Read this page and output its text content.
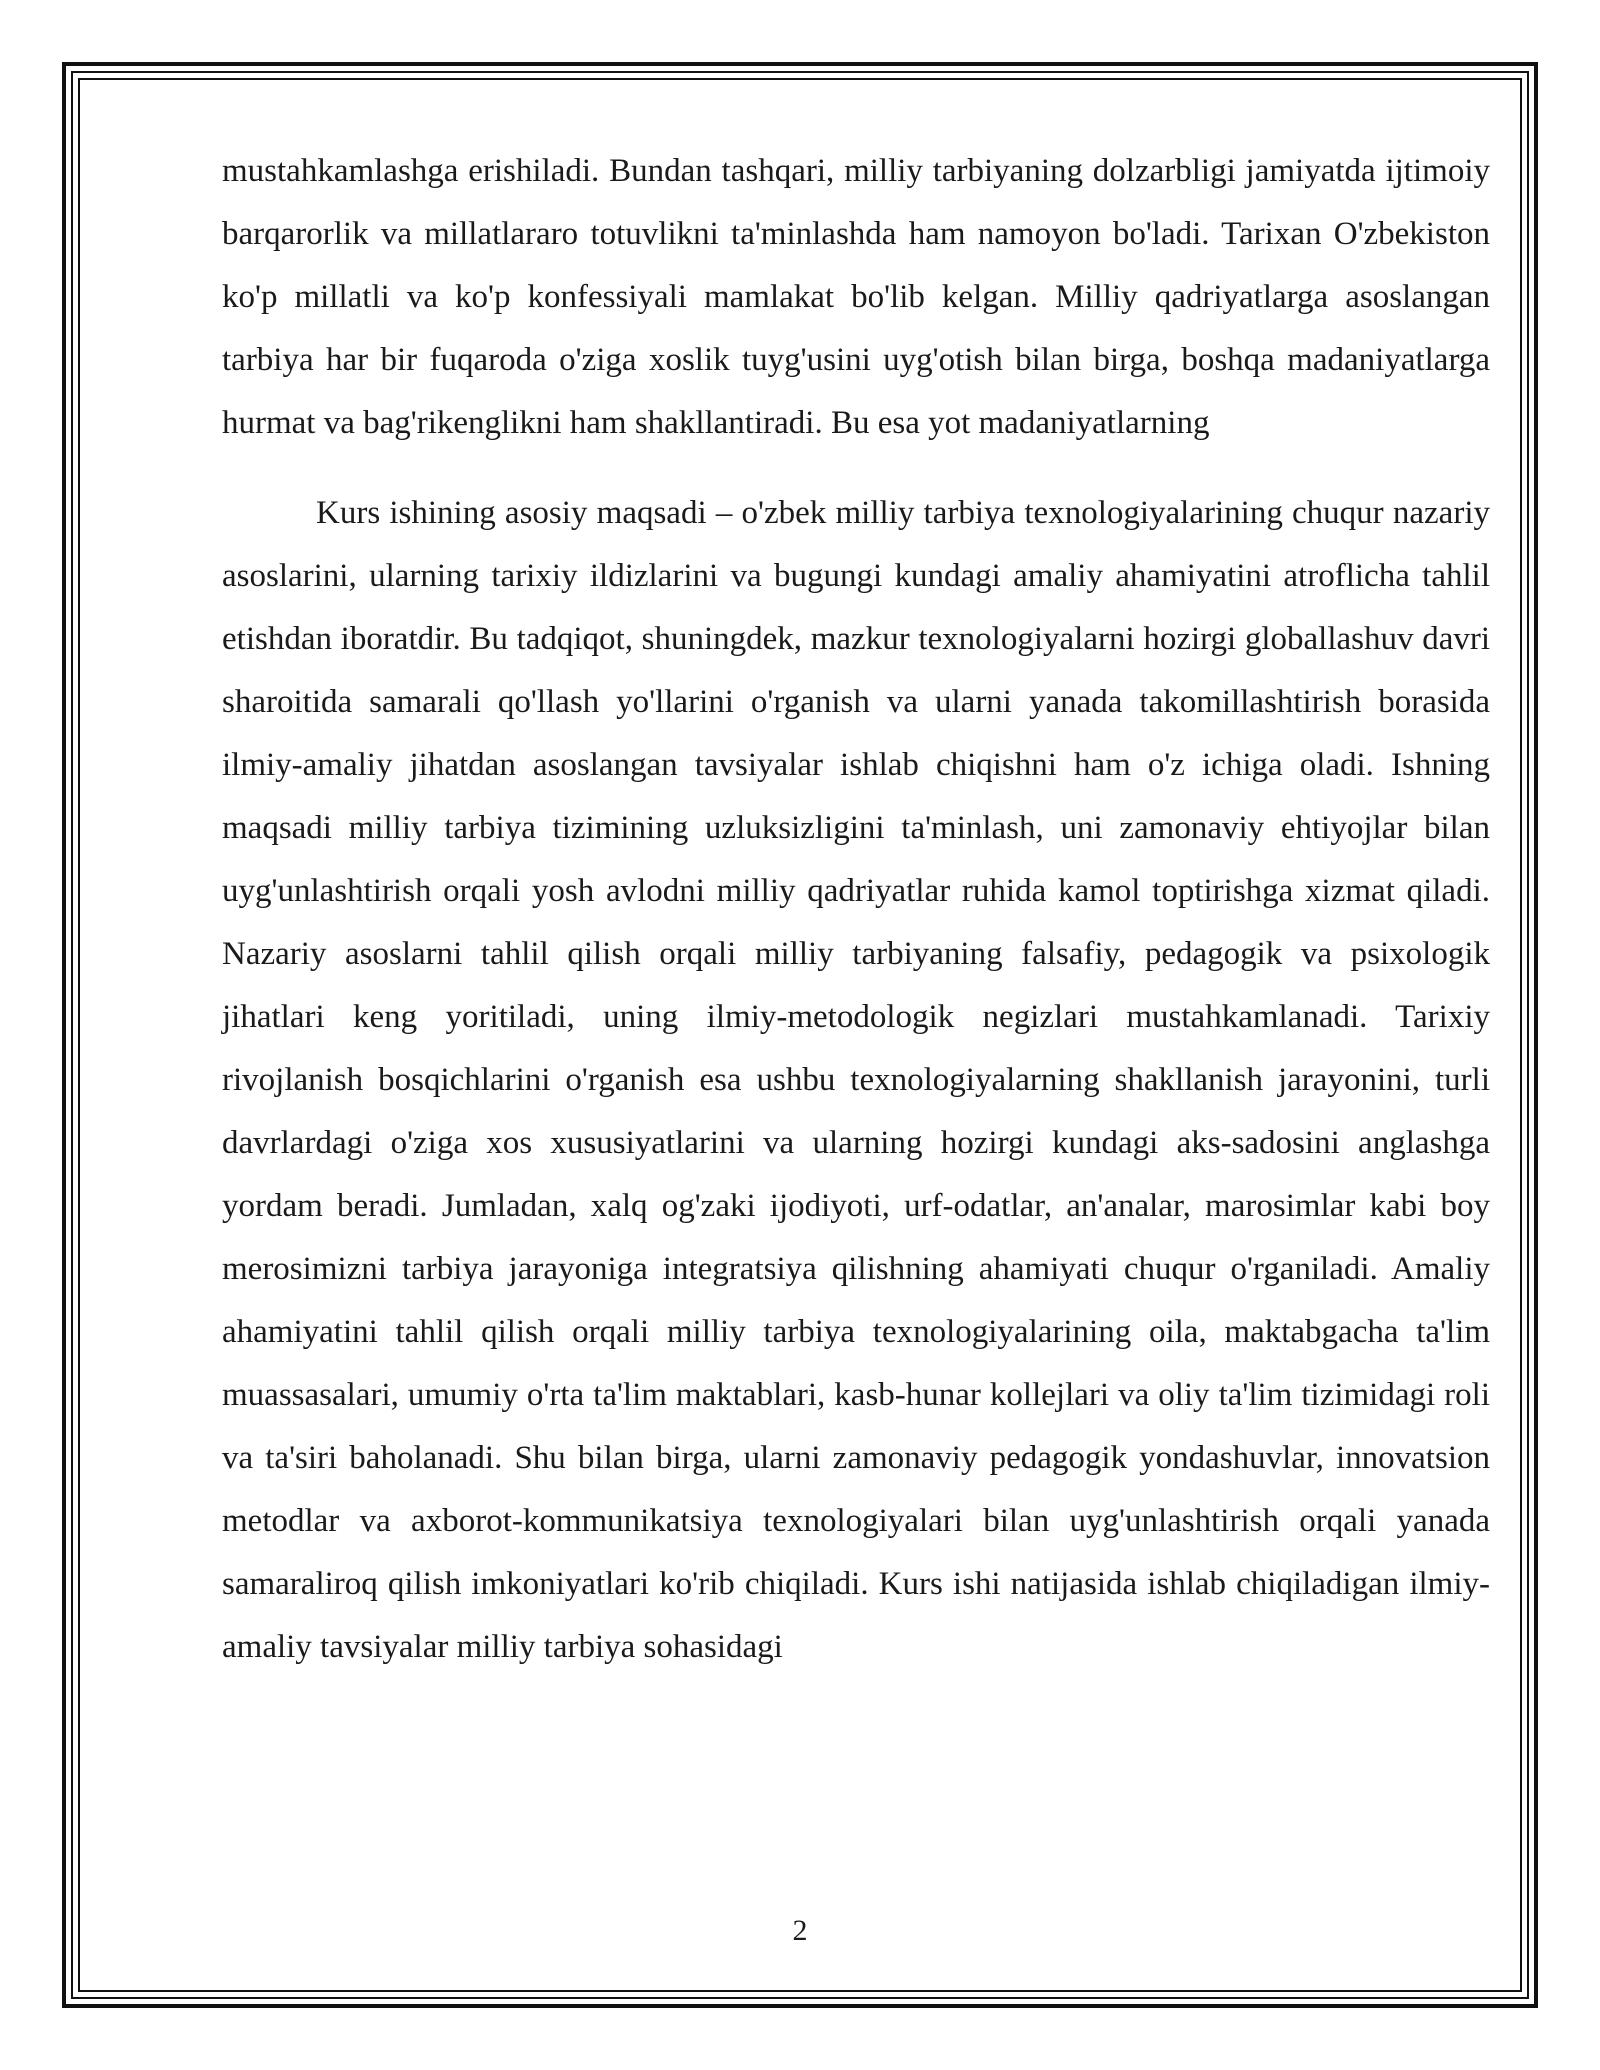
mustahkamlashga erishiladi. Bundan tashqari, milliy tarbiyaning dolzarbligi jamiyatda ijtimoiy barqarorlik va millatlararo totuvlikni ta'minlashda ham namoyon bo'ladi. Tarixan O'zbekiston ko'p millatli va ko'p konfessiyali mamlakat bo'lib kelgan. Milliy qadriyatlarga asoslangan tarbiya har bir fuqaroda o'ziga xoslik tuyg'usini uyg'otish bilan birga, boshqa madaniyatlarga hurmat va bag'rikenglikni ham shakllantiradi. Bu esa yot madaniyatlarning

Kurs ishining asosiy maqsadi – o'zbek milliy tarbiya texnologiyalarining chuqur nazariy asoslarini, ularning tarixiy ildizlarini va bugungi kundagi amaliy ahamiyatini atroflicha tahlil etishdan iboratdir. Bu tadqiqot, shuningdek, mazkur texnologiyalarni hozirgi globallashuv davri sharoitida samarali qo'llash yo'llarini o'rganish va ularni yanada takomillashtirish borasida ilmiy-amaliy jihatdan asoslangan tavsiyalar ishlab chiqishni ham o'z ichiga oladi. Ishning maqsadi milliy tarbiya tizimining uzluksizligini ta'minlash, uni zamonaviy ehtiyojlar bilan uyg'unlashtirish orqali yosh avlodni milliy qadriyatlar ruhida kamol toptirishga xizmat qiladi. Nazariy asoslarni tahlil qilish orqali milliy tarbiyaning falsafiy, pedagogik va psixologik jihatlari keng yoritiladi, uning ilmiy-metodologik negizlari mustahkamlanadi. Tarixiy rivojlanish bosqichlarini o'rganish esa ushbu texnologiyalarning shakllanish jarayonini, turli davrlardagi o'ziga xos xususiyatlarini va ularning hozirgi kundagi aks-sadosini anglashga yordam beradi. Jumladan, xalq og'zaki ijodiyoti, urf-odatlar, an'analar, marosimlar kabi boy merosimizni tarbiya jarayoniga integratsiya qilishning ahamiyati chuqur o'rganiladi. Amaliy ahamiyatini tahlil qilish orqali milliy tarbiya texnologiyalarining oila, maktabgacha ta'lim muassasalari, umumiy o'rta ta'lim maktablari, kasb-hunar kollejlari va oliy ta'lim tizimidagi roli va ta'siri baholanadi. Shu bilan birga, ularni zamonaviy pedagogik yondashuvlar, innovatsion metodlar va axborot-kommunikatsiya texnologiyalari bilan uyg'unlashtirish orqali yanada samaraliroq qilish imkoniyatlari ko'rib chiqiladi. Kurs ishi natijasida ishlab chiqiladigan ilmiy-amaliy tavsiyalar milliy tarbiya sohasidagi

2
